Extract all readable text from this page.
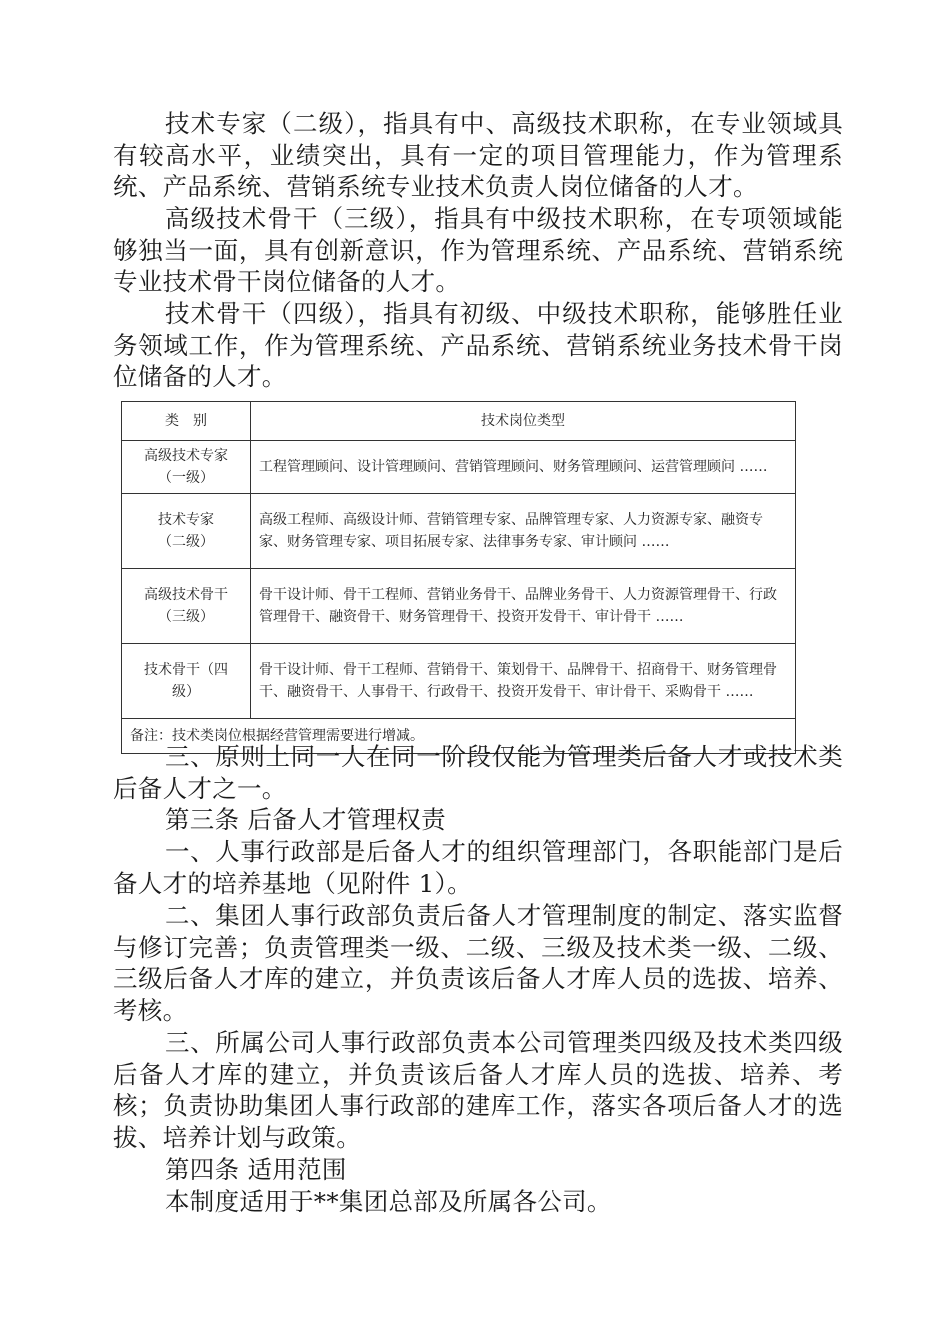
技术专家（二级），指具有中、高级技术职称，在专业领域具有较高水平，业绩突出，具有一定的项目管理能力，作为管理系统、产品系统、营销系统专业技术负责人岗位储备的人才。

高级技术骨干（三级），指具有中级技术职称，在专项领域能够独当一面，具有创新意识，作为管理系统、产品系统、营销系统专业技术骨干岗位储备的人才。

技术骨干（四级），指具有初级、中级技术职称，能够胜任业务领域工作，作为管理系统、产品系统、营销系统业务技术骨干岗位储备的人才。

类　别	技术岗位类型

高级技术专家
（一级）	工程管理顾问、设计管理顾问、营销管理顾问、财务管理顾问、运营管理顾问 ……

技术专家
（二级）	高级工程师、高级设计师、营销管理专家、品牌管理专家、人力资源专家、融资专家、财务管理专家、项目拓展专家、法律事务专家、审计顾问 ……

高级技术骨干
（三级）	骨干设计师、骨干工程师、营销业务骨干、品牌业务骨干、人力资源管理骨干、行政管理骨干、融资骨干、财务管理骨干、投资开发骨干、审计骨干 ……

技术骨干（四
级）	骨干设计师、骨干工程师、营销骨干、策划骨干、品牌骨干、招商骨干、财务管理骨干、融资骨干、人事骨干、行政骨干、投资开发骨干、审计骨干、采购骨干 ……
备注：技术类岗位根据经营管理需要进行增减。	

三、原则上同一人在同一阶段仅能为管理类后备人才或技术类后备人才之一。

第三条 后备人才管理权责

一、人事行政部是后备人才的组织管理部门，各职能部门是后备人才的培养基地（见附件 1）。

二、集团人事行政部负责后备人才管理制度的制定、落实监督与修订完善；负责管理类一级、二级、三级及技术类一级、二级、三级后备人才库的建立，并负责该后备人才库人员的选拔、培养、考核。

三、所属公司人事行政部负责本公司管理类四级及技术类四级后备人才库的建立，并负责该后备人才库人员的选拔、培养、考核；负责协助集团人事行政部的建库工作，落实各项后备人才的选拔、培养计划与政策。

第四条 适用范围

本制度适用于**集团总部及所属各公司。
